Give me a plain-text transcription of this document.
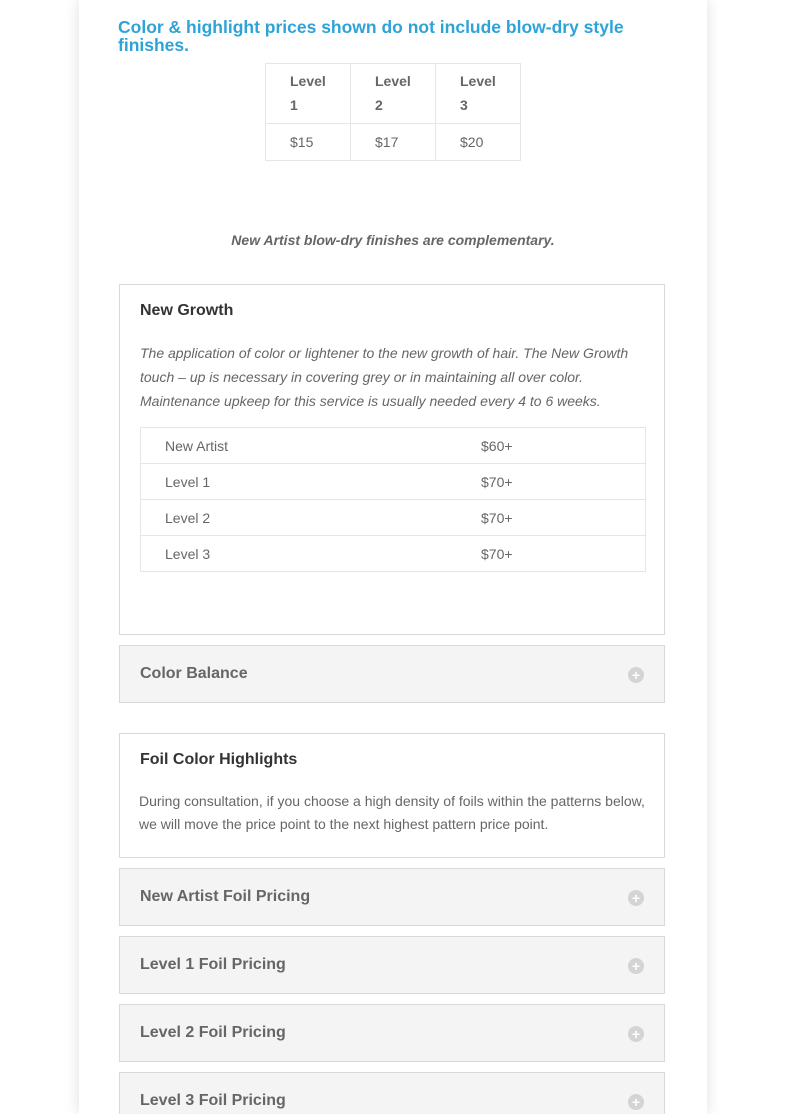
Color & highlight prices shown do not include blow-dry style finishes.
Level 1	Level 2	Level 3
$15	$17	$20

New Artist blow-dry finishes are complementary.

New Growth

The application of color or lightener to the new growth of hair. The New Growth touch – up is necessary in covering grey or in maintaining all over color. Maintenance upkeep for this service is usually needed every 4 to 6 weeks.

New Artist	$60+
Level 1	$70+
Level 2	$70+
Level 3	$70+
Color Balance	+
Foil Color Highlights

During consultation, if you choose a high density of foils within the patterns below, we will move the price point to the next highest pattern price point.

New Artist Foil Pricing	+
Level 1 Foil Pricing	+
Level 2 Foil Pricing	+
Level 3 Foil Pricing	+
